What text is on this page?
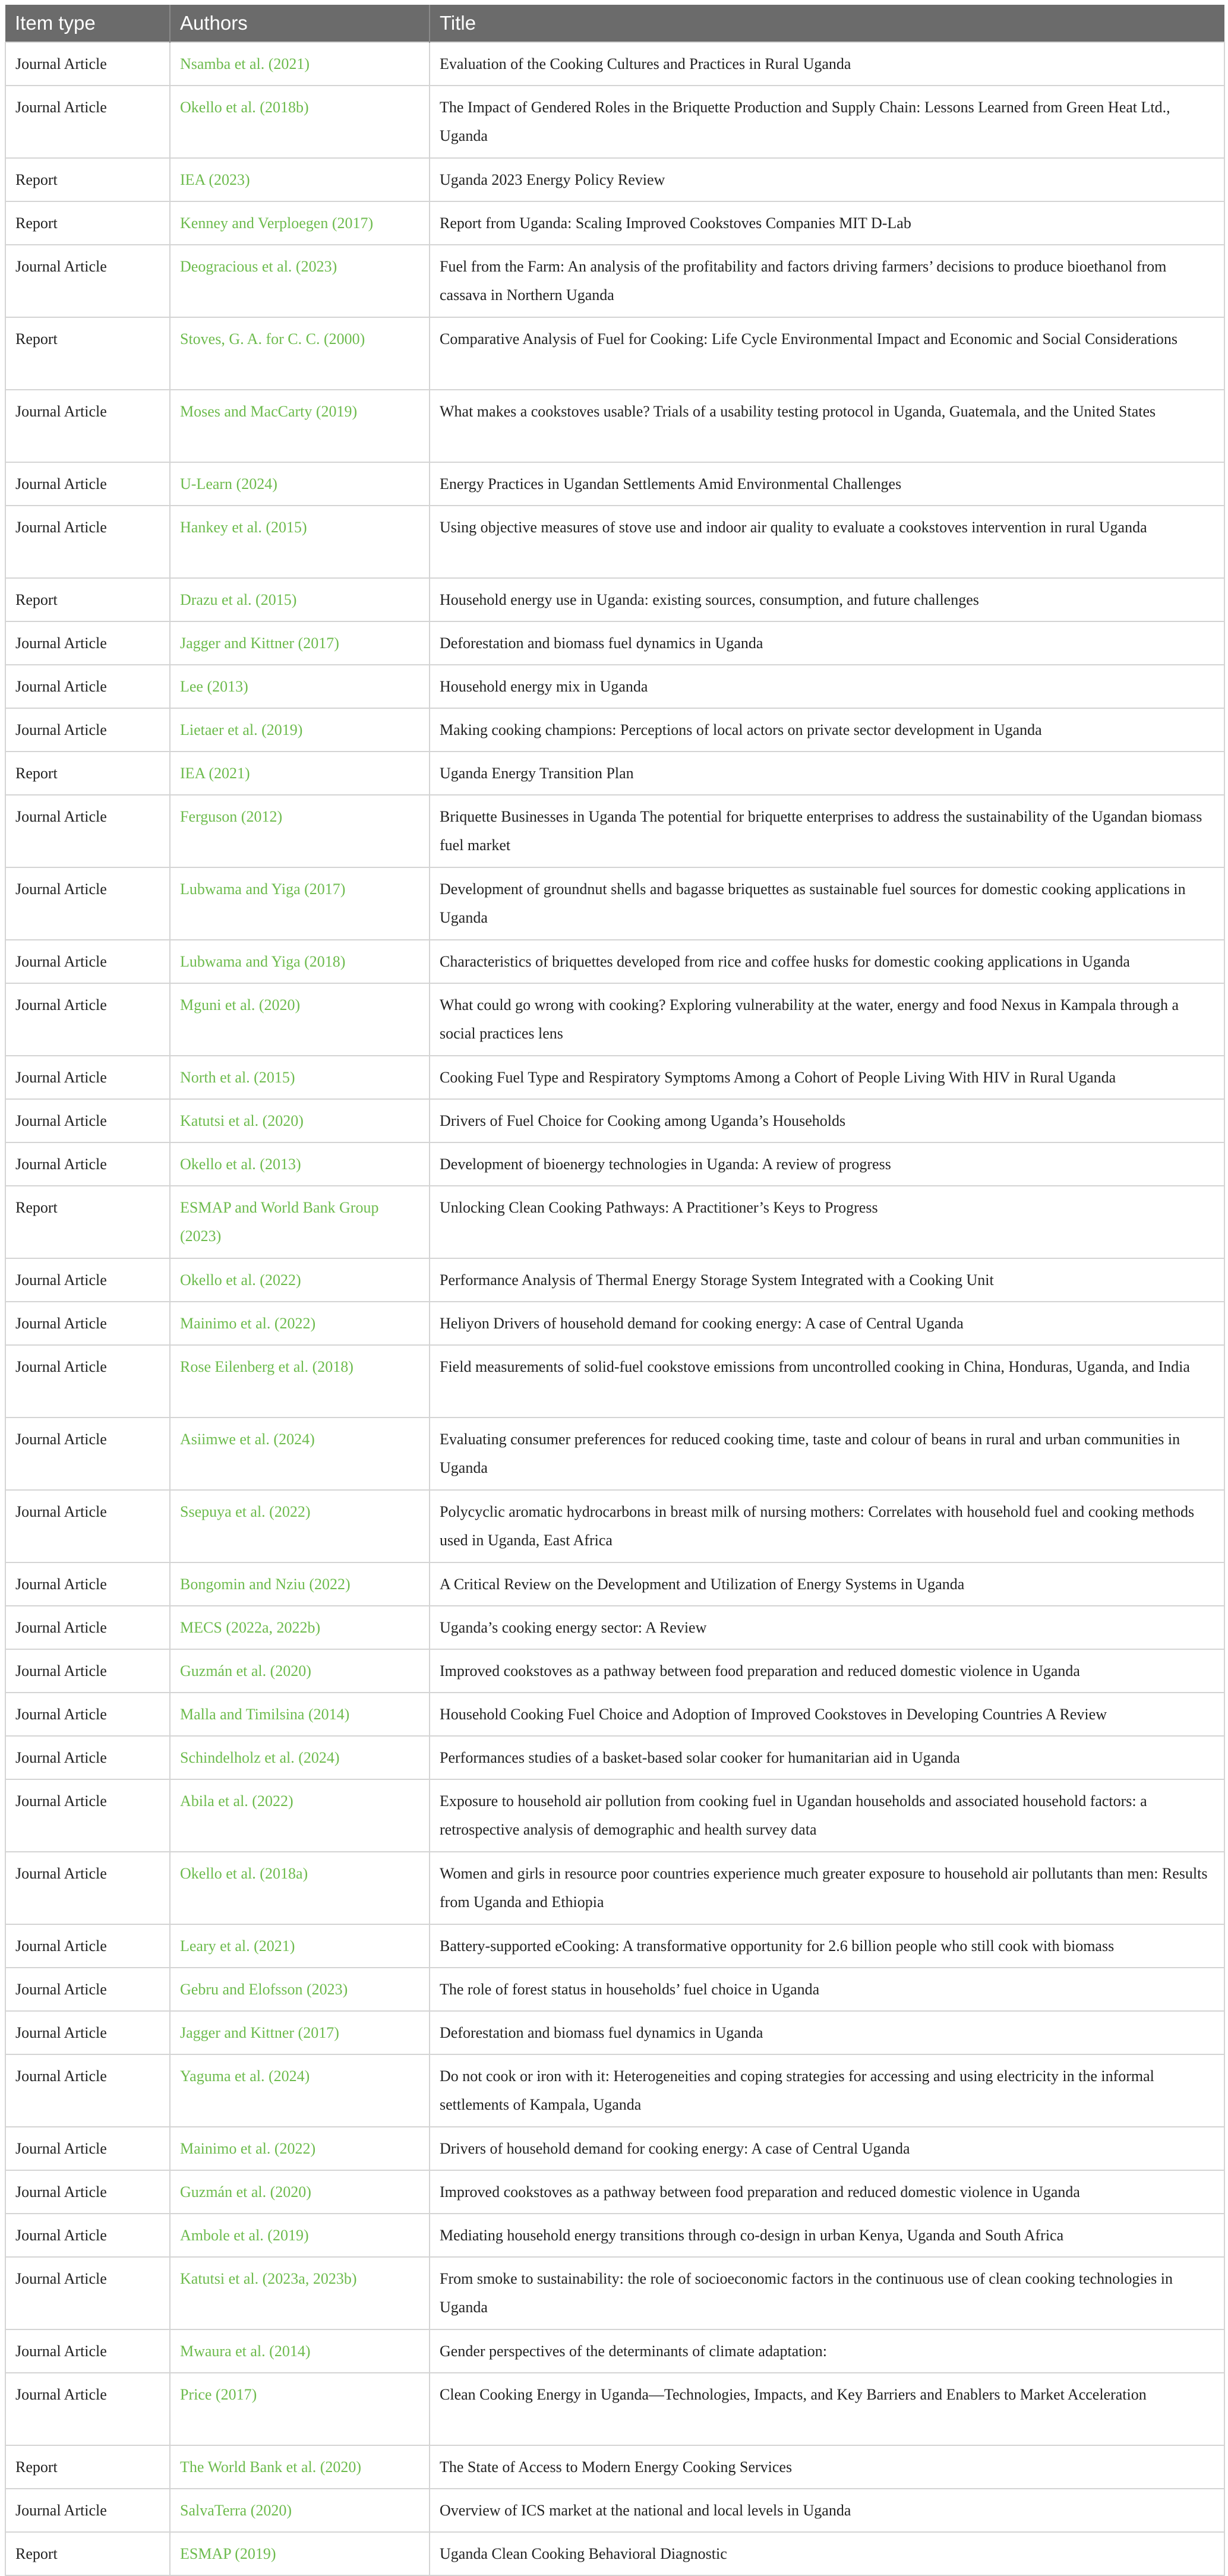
Item type	Authors	Title
Journal Article	Nsamba et al. (2021)	Evaluation of the Cooking Cultures and Practices in Rural Uganda
Journal Article	Okello et al. (2018b)	The Impact of Gendered Roles in the Briquette Production and Supply Chain: Lessons Learned from Green Heat Ltd., Uganda
Report	IEA (2023)	Uganda 2023 Energy Policy Review
Report	Kenney and Verploegen (2017)	Report from Uganda: Scaling Improved Cookstoves Companies MIT D-Lab
Journal Article	Deogracious et al. (2023)	Fuel from the Farm: An analysis of the profitability and factors driving farmers’ decisions to produce bioethanol from cassava in Northern Uganda
Report	Stoves, G. A. for C. C. (2000)	Comparative Analysis of Fuel for Cooking: Life Cycle Environmental Impact and Economic and Social Considerations
Journal Article	Moses and MacCarty (2019)	What makes a cookstoves usable? Trials of a usability testing protocol in Uganda, Guatemala, and the United States
Journal Article	U-Learn (2024)	Energy Practices in Ugandan Settlements Amid Environmental Challenges
Journal Article	Hankey et al. (2015)	Using objective measures of stove use and indoor air quality to evaluate a cookstoves intervention in rural Uganda
Report	Drazu et al. (2015)	Household energy use in Uganda: existing sources, consumption, and future challenges
Journal Article	Jagger and Kittner (2017)	Deforestation and biomass fuel dynamics in Uganda
Journal Article	Lee (2013)	Household energy mix in Uganda
Journal Article	Lietaer et al. (2019)	Making cooking champions: Perceptions of local actors on private sector development in Uganda
Report	IEA (2021)	Uganda Energy Transition Plan
Journal Article	Ferguson (2012)	Briquette Businesses in Uganda The potential for briquette enterprises to address the sustainability of the Ugandan biomass fuel market
Journal Article	Lubwama and Yiga (2017)	Development of groundnut shells and bagasse briquettes as sustainable fuel sources for domestic cooking applications in Uganda
Journal Article	Lubwama and Yiga (2018)	Characteristics of briquettes developed from rice and coffee husks for domestic cooking applications in Uganda
Journal Article	Mguni et al. (2020)	What could go wrong with cooking? Exploring vulnerability at the water, energy and food Nexus in Kampala through a social practices lens
Journal Article	North et al. (2015)	Cooking Fuel Type and Respiratory Symptoms Among a Cohort of People Living With HIV in Rural Uganda
Journal Article	Katutsi et al. (2020)	Drivers of Fuel Choice for Cooking among Uganda’s Households
Journal Article	Okello et al. (2013)	Development of bioenergy technologies in Uganda: A review of progress
Report	ESMAP and World Bank Group (2023)	Unlocking Clean Cooking Pathways: A Practitioner’s Keys to Progress
Journal Article	Okello et al. (2022)	Performance Analysis of Thermal Energy Storage System Integrated with a Cooking Unit
Journal Article	Mainimo et al. (2022)	Heliyon Drivers of household demand for cooking energy: A case of Central Uganda
Journal Article	Rose Eilenberg et al. (2018)	Field measurements of solid-fuel cookstove emissions from uncontrolled cooking in China, Honduras, Uganda, and India
Journal Article	Asiimwe et al. (2024)	Evaluating consumer preferences for reduced cooking time, taste and colour of beans in rural and urban communities in Uganda
Journal Article	Ssepuya et al. (2022)	Polycyclic aromatic hydrocarbons in breast milk of nursing mothers: Correlates with household fuel and cooking methods used in Uganda, East Africa
Journal Article	Bongomin and Nziu (2022)	A Critical Review on the Development and Utilization of Energy Systems in Uganda
Journal Article	MECS (2022a, 2022b)	Uganda’s cooking energy sector: A Review
Journal Article	Guzmán et al. (2020)	Improved cookstoves as a pathway between food preparation and reduced domestic violence in Uganda
Journal Article	Malla and Timilsina (2014)	Household Cooking Fuel Choice and Adoption of Improved Cookstoves in Developing Countries A Review
Journal Article	Schindelholz et al. (2024)	Performances studies of a basket-based solar cooker for humanitarian aid in Uganda
Journal Article	Abila et al. (2022)	Exposure to household air pollution from cooking fuel in Ugandan households and associated household factors: a retrospective analysis of demographic and health survey data
Journal Article	Okello et al. (2018a)	Women and girls in resource poor countries experience much greater exposure to household air pollutants than men: Results from Uganda and Ethiopia
Journal Article	Leary et al. (2021)	Battery-supported eCooking: A transformative opportunity for 2.6 billion people who still cook with biomass
Journal Article	Gebru and Elofsson (2023)	The role of forest status in households’ fuel choice in Uganda
Journal Article	Jagger and Kittner (2017)	Deforestation and biomass fuel dynamics in Uganda
Journal Article	Yaguma et al. (2024)	Do not cook or iron with it: Heterogeneities and coping strategies for accessing and using electricity in the informal settlements of Kampala, Uganda
Journal Article	Mainimo et al. (2022)	Drivers of household demand for cooking energy: A case of Central Uganda
Journal Article	Guzmán et al. (2020)	Improved cookstoves as a pathway between food preparation and reduced domestic violence in Uganda
Journal Article	Ambole et al. (2019)	Mediating household energy transitions through co-design in urban Kenya, Uganda and South Africa
Journal Article	Katutsi et al. (2023a, 2023b)	From smoke to sustainability: the role of socioeconomic factors in the continuous use of clean cooking technologies in Uganda
Journal Article	Mwaura et al. (2014)	Gender perspectives of the determinants of climate adaptation:
Journal Article	Price (2017)	Clean Cooking Energy in Uganda—Technologies, Impacts, and Key Barriers and Enablers to Market Acceleration
Report	The World Bank et al. (2020)	The State of Access to Modern Energy Cooking Services
Journal Article	SalvaTerra (2020)	Overview of ICS market at the national and local levels in Uganda
Report	ESMAP (2019)	Uganda Clean Cooking Behavioral Diagnostic
